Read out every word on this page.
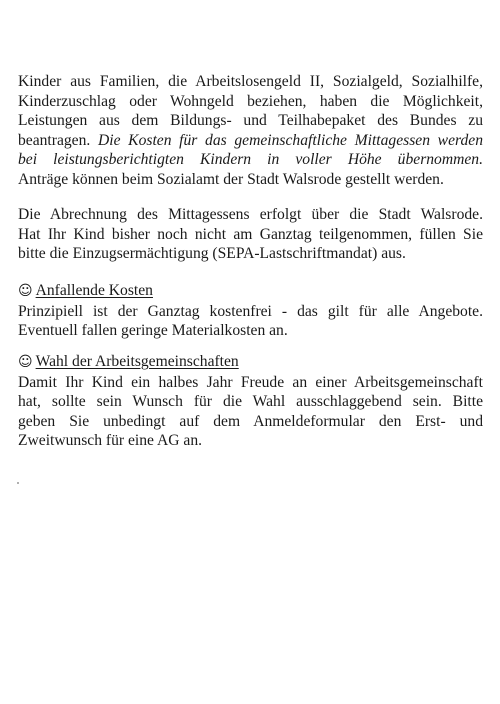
Kinder aus Familien, die Arbeitslosengeld II, Sozialgeld, Sozialhilfe,
Kinderzuschlag oder Wohngeld beziehen, haben die Möglichkeit,
Leistungen aus dem Bildungs- und Teilhabepaket des Bundes zu
beantragen. Die Kosten für das gemeinschaftliche Mittagessen werden
bei leistungsberichtigten Kindern in voller Höhe übernommen.
Anträge können beim Sozialamt der Stadt Walsrode gestellt werden.
Die Abrechnung des Mittagessens erfolgt über die Stadt Walsrode.
Hat Ihr Kind bisher noch nicht am Ganztag teilgenommen, füllen Sie
bitte die Einzugsermächtigung (SEPA-Lastschriftmandat) aus.
☺ Anfallende Kosten
Prinzipiell ist der Ganztag kostenfrei - das gilt für alle Angebote.
Eventuell fallen geringe Materialkosten an.
☺ Wahl der Arbeitsgemeinschaften
Damit Ihr Kind ein halbes Jahr Freude an einer Arbeitsgemeinschaft
hat, sollte sein Wunsch für die Wahl ausschlaggebend sein. Bitte
geben Sie unbedingt auf dem Anmeldeformular den Erst- und
Zweitwunsch für eine AG an.
